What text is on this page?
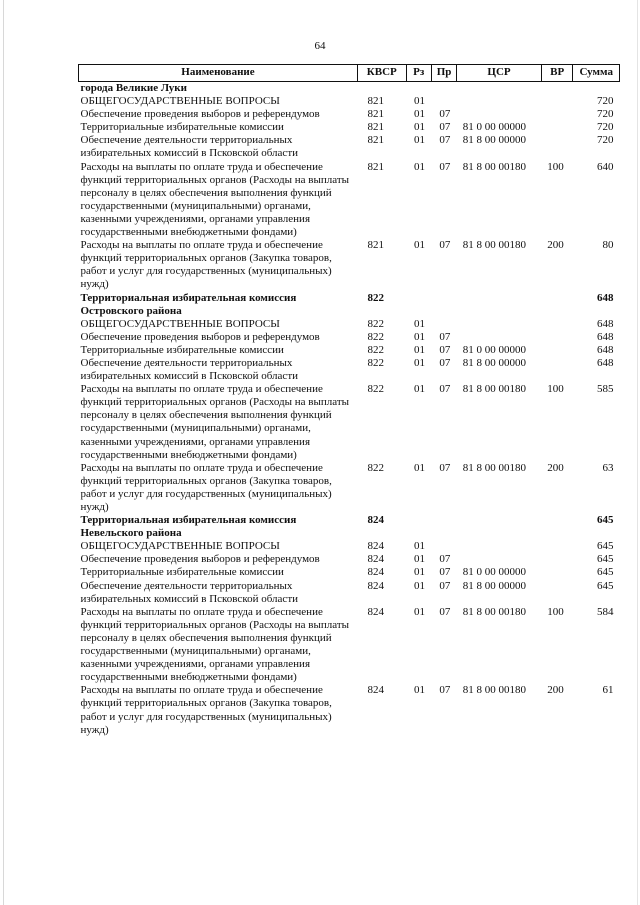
64
Наименование	КВСР	Рз	Пр	ЦСР	ВР	Сумма
города Великие Луки						
ОБЩЕГОСУДАРСТВЕННЫЕ ВОПРОСЫ	821	01				720
Обеспечение проведения выборов и референдумов	821	01	07			720
Территориальные избирательные комиссии	821	01	07	81 0 00 00000		720
Обеспечение деятельности территориальных избирательных комиссий в Псковской области	821	01	07	81 8 00 00000		720
Расходы на выплаты по оплате труда и обеспечение функций территориальных органов (Расходы на выплаты персоналу в целях обеспечения выполнения функций государственными (муниципальными) органами, казенными учреждениями, органами управления государственными внебюджетными фондами)	821	01	07	81 8 00 00180	100	640
Расходы на выплаты по оплате труда и обеспечение функций территориальных органов (Закупка товаров, работ и услуг для государственных (муниципальных) нужд)	821	01	07	81 8 00 00180	200	80
Территориальная избирательная комиссия Островского района	822					648
ОБЩЕГОСУДАРСТВЕННЫЕ ВОПРОСЫ	822	01				648
Обеспечение проведения выборов и референдумов	822	01	07			648
Территориальные избирательные комиссии	822	01	07	81 0 00 00000		648
Обеспечение деятельности территориальных избирательных комиссий в Псковской области	822	01	07	81 8 00 00000		648
Расходы на выплаты по оплате труда и обеспечение функций территориальных органов (Расходы на выплаты персоналу в целях обеспечения выполнения функций государственными (муниципальными) органами, казенными учреждениями, органами управления государственными внебюджетными фондами)	822	01	07	81 8 00 00180	100	585
Расходы на выплаты по оплате труда и обеспечение функций территориальных органов (Закупка товаров, работ и услуг для государственных (муниципальных) нужд)	822	01	07	81 8 00 00180	200	63
Территориальная избирательная комиссия Невельского района	824					645
ОБЩЕГОСУДАРСТВЕННЫЕ ВОПРОСЫ	824	01				645
Обеспечение проведения выборов и референдумов	824	01	07			645
Территориальные избирательные комиссии	824	01	07	81 0 00 00000		645
Обеспечение деятельности территориальных избирательных комиссий в Псковской области	824	01	07	81 8 00 00000		645
Расходы на выплаты по оплате труда и обеспечение функций территориальных органов (Расходы на выплаты персоналу в целях обеспечения выполнения функций государственными (муниципальными) органами, казенными учреждениями, органами управления государственными внебюджетными фондами)	824	01	07	81 8 00 00180	100	584
Расходы на выплаты по оплате труда и обеспечение функций территориальных органов (Закупка товаров, работ и услуг для государственных (муниципальных) нужд)	824	01	07	81 8 00 00180	200	61
